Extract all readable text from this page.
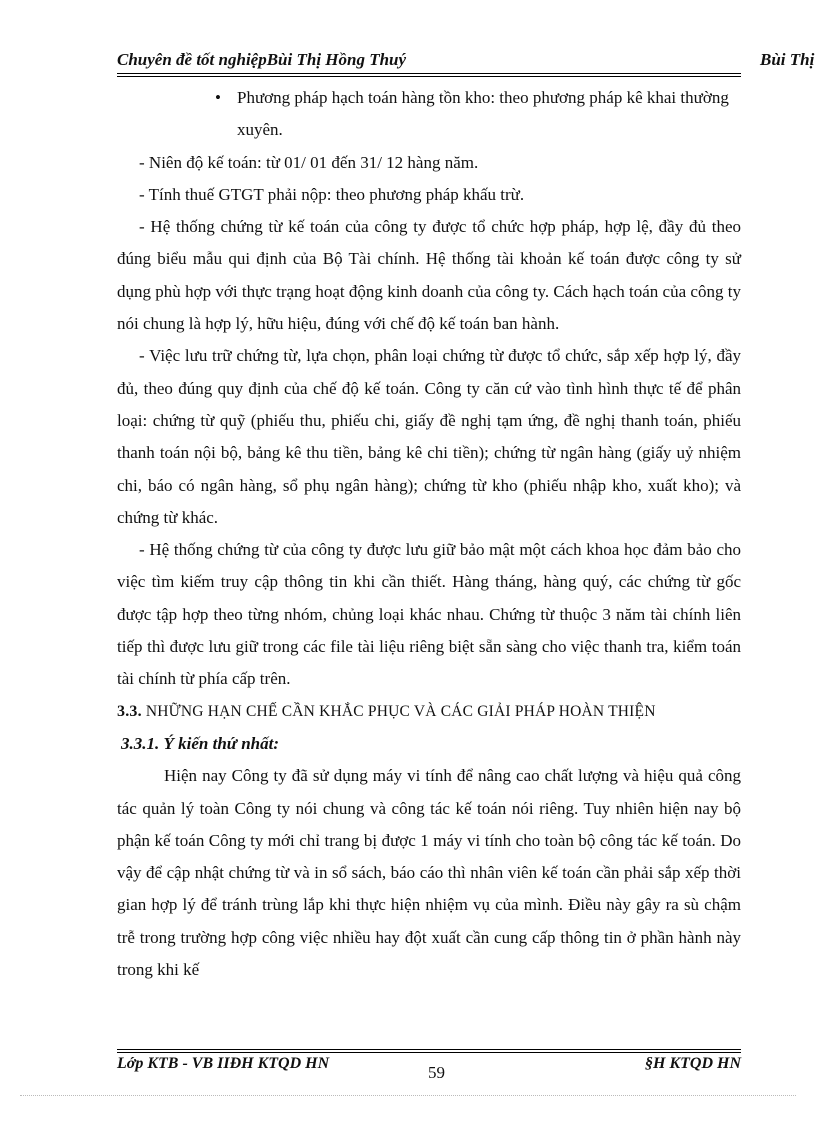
Chuyên đề tốt nghiệpBùi Thị Hồng Thuý	Bùi Thị
• Phương pháp hạch toán hàng tồn kho: theo phương pháp kê khai thường xuyên.

- Niên độ kế toán: từ 01/ 01 đến 31/ 12 hàng năm.

- Tính thuế GTGT phải nộp: theo phương pháp khấu trừ.

- Hệ thống chứng từ kế toán của công ty được tổ chức hợp pháp, hợp lệ, đầy đủ theo đúng biểu mẫu qui định của Bộ Tài chính. Hệ thống tài khoản kế toán được công ty sử dụng phù hợp với thực trạng hoạt động kinh doanh của công ty. Cách hạch toán của công ty nói chung là hợp lý, hữu hiệu, đúng với chế độ kế toán ban hành.

- Việc lưu trữ chứng từ, lựa chọn, phân loại chứng từ được tổ chức, sắp xếp hợp lý, đầy đủ, theo đúng quy định của chế độ kế toán. Công ty căn cứ vào tình hình thực tế để phân loại: chứng từ quỹ (phiếu thu, phiếu chi, giấy đề nghị tạm ứng, đề nghị thanh toán, phiếu thanh toán nội bộ, bảng kê thu tiền, bảng kê chi tiền); chứng từ ngân hàng (giấy uỷ nhiệm chi, báo có ngân hàng, sổ phụ ngân hàng); chứng từ kho (phiếu nhập kho, xuất kho); và chứng từ khác.

- Hệ thống chứng từ của công ty được lưu giữ bảo mật một cách khoa học đảm bảo cho việc tìm kiếm truy cập thông tin khi cần thiết. Hàng tháng, hàng quý, các chứng từ gốc được tập hợp theo từng nhóm, chủng loại khác nhau. Chứng từ thuộc 3 năm tài chính liên tiếp thì được lưu giữ trong các file tài liệu riêng biệt sẵn sàng cho việc thanh tra, kiểm toán tài chính từ phía cấp trên.

3.3. NHỮNG HẠN CHẾ CẦN KHẮC PHỤC VÀ CÁC GIẢI PHÁP HOÀN THIỆN

3.3.1. Ý kiến thứ nhất:

Hiện nay Công ty đã sử dụng máy vi tính để nâng cao chất lượng và hiệu quả công tác quản lý toàn Công ty nói chung và công tác kế toán nói riêng. Tuy nhiên hiện nay bộ phận kế toán Công ty mới chỉ trang bị được 1 máy vi tính cho toàn bộ công tác kế toán. Do vậy để cập nhật chứng từ và in sổ sách, báo cáo thì nhân viên kế toán cần phải sắp xếp thời gian hợp lý để tránh trùng lắp khi thực hiện nhiệm vụ của mình. Điều này gây ra sù chậm trễ trong trường hợp công việc nhiều hay đột xuất cần cung cấp thông tin ở phần hành này trong khi kế

Lớp KTB - VB IIĐH KTQD HN	59	§H KTQD HN
